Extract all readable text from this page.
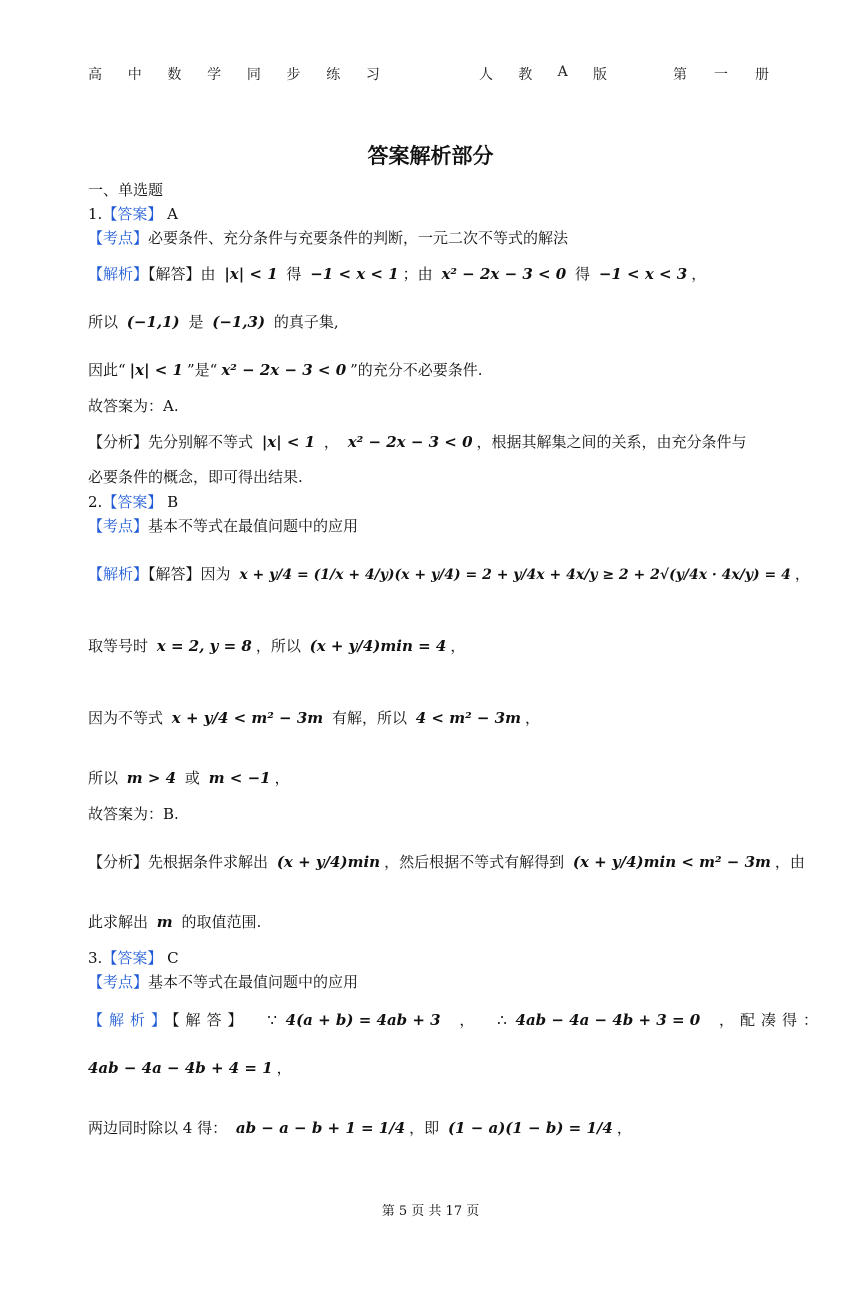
高 中 数 学 同 步 练 习	人 教 A 版	第 一 册
答案解析部分
一、单选题
1.【答案】 A
【考点】必要条件、充分条件与充要条件的判断，一元二次不等式的解法
【解析】【解答】由 |x| < 1 得 −1 < x < 1 ；由 x² − 2x − 3 < 0 得 −1 < x < 3 ，
所以 (−1,1) 是 (−1,3) 的真子集,
因此“ |x| < 1 ”是“ x² − 2x − 3 < 0 ”的充分不必要条件.
故答案为：A.
【分析】先分别解不等式 |x| < 1 ， x² − 2x − 3 < 0 ，根据其解集之间的关系，由充分条件与
必要条件的概念，即可得出结果.
2.【答案】 B
【考点】基本不等式在最值问题中的应用
【解析】【解答】因为 x + y/4 = (1/x + 4/y)(x + y/4) = 2 + y/4x + 4x/y ≥ 2 + 2√(y/4x · 4x/y) = 4 ，
取等号时 x = 2, y = 8 ，所以 (x + y/4)min = 4 ，
因为不等式 x + y/4 < m² − 3m 有解，所以 4 < m² − 3m ，
所以 m > 4 或 m < −1 ，
故答案为：B.
【分析】先根据条件求解出 (x + y/4)min ，然后根据不等式有解得到 (x + y/4)min < m² − 3m ，由
此求解出 m 的取值范围.
3.【答案】 C
【考点】基本不等式在最值问题中的应用
【解析】【解答】 ∵ 4(a + b) = 4ab + 3 ， ∴ 4ab − 4a − 4b + 3 = 0 ，配凑得：
4ab − 4a − 4b + 4 = 1 ，
两边同时除以 4 得： ab − a − b + 1 = 1/4 ，即 (1 − a)(1 − b) = 1/4 ，
第 5 页 共 17 页
